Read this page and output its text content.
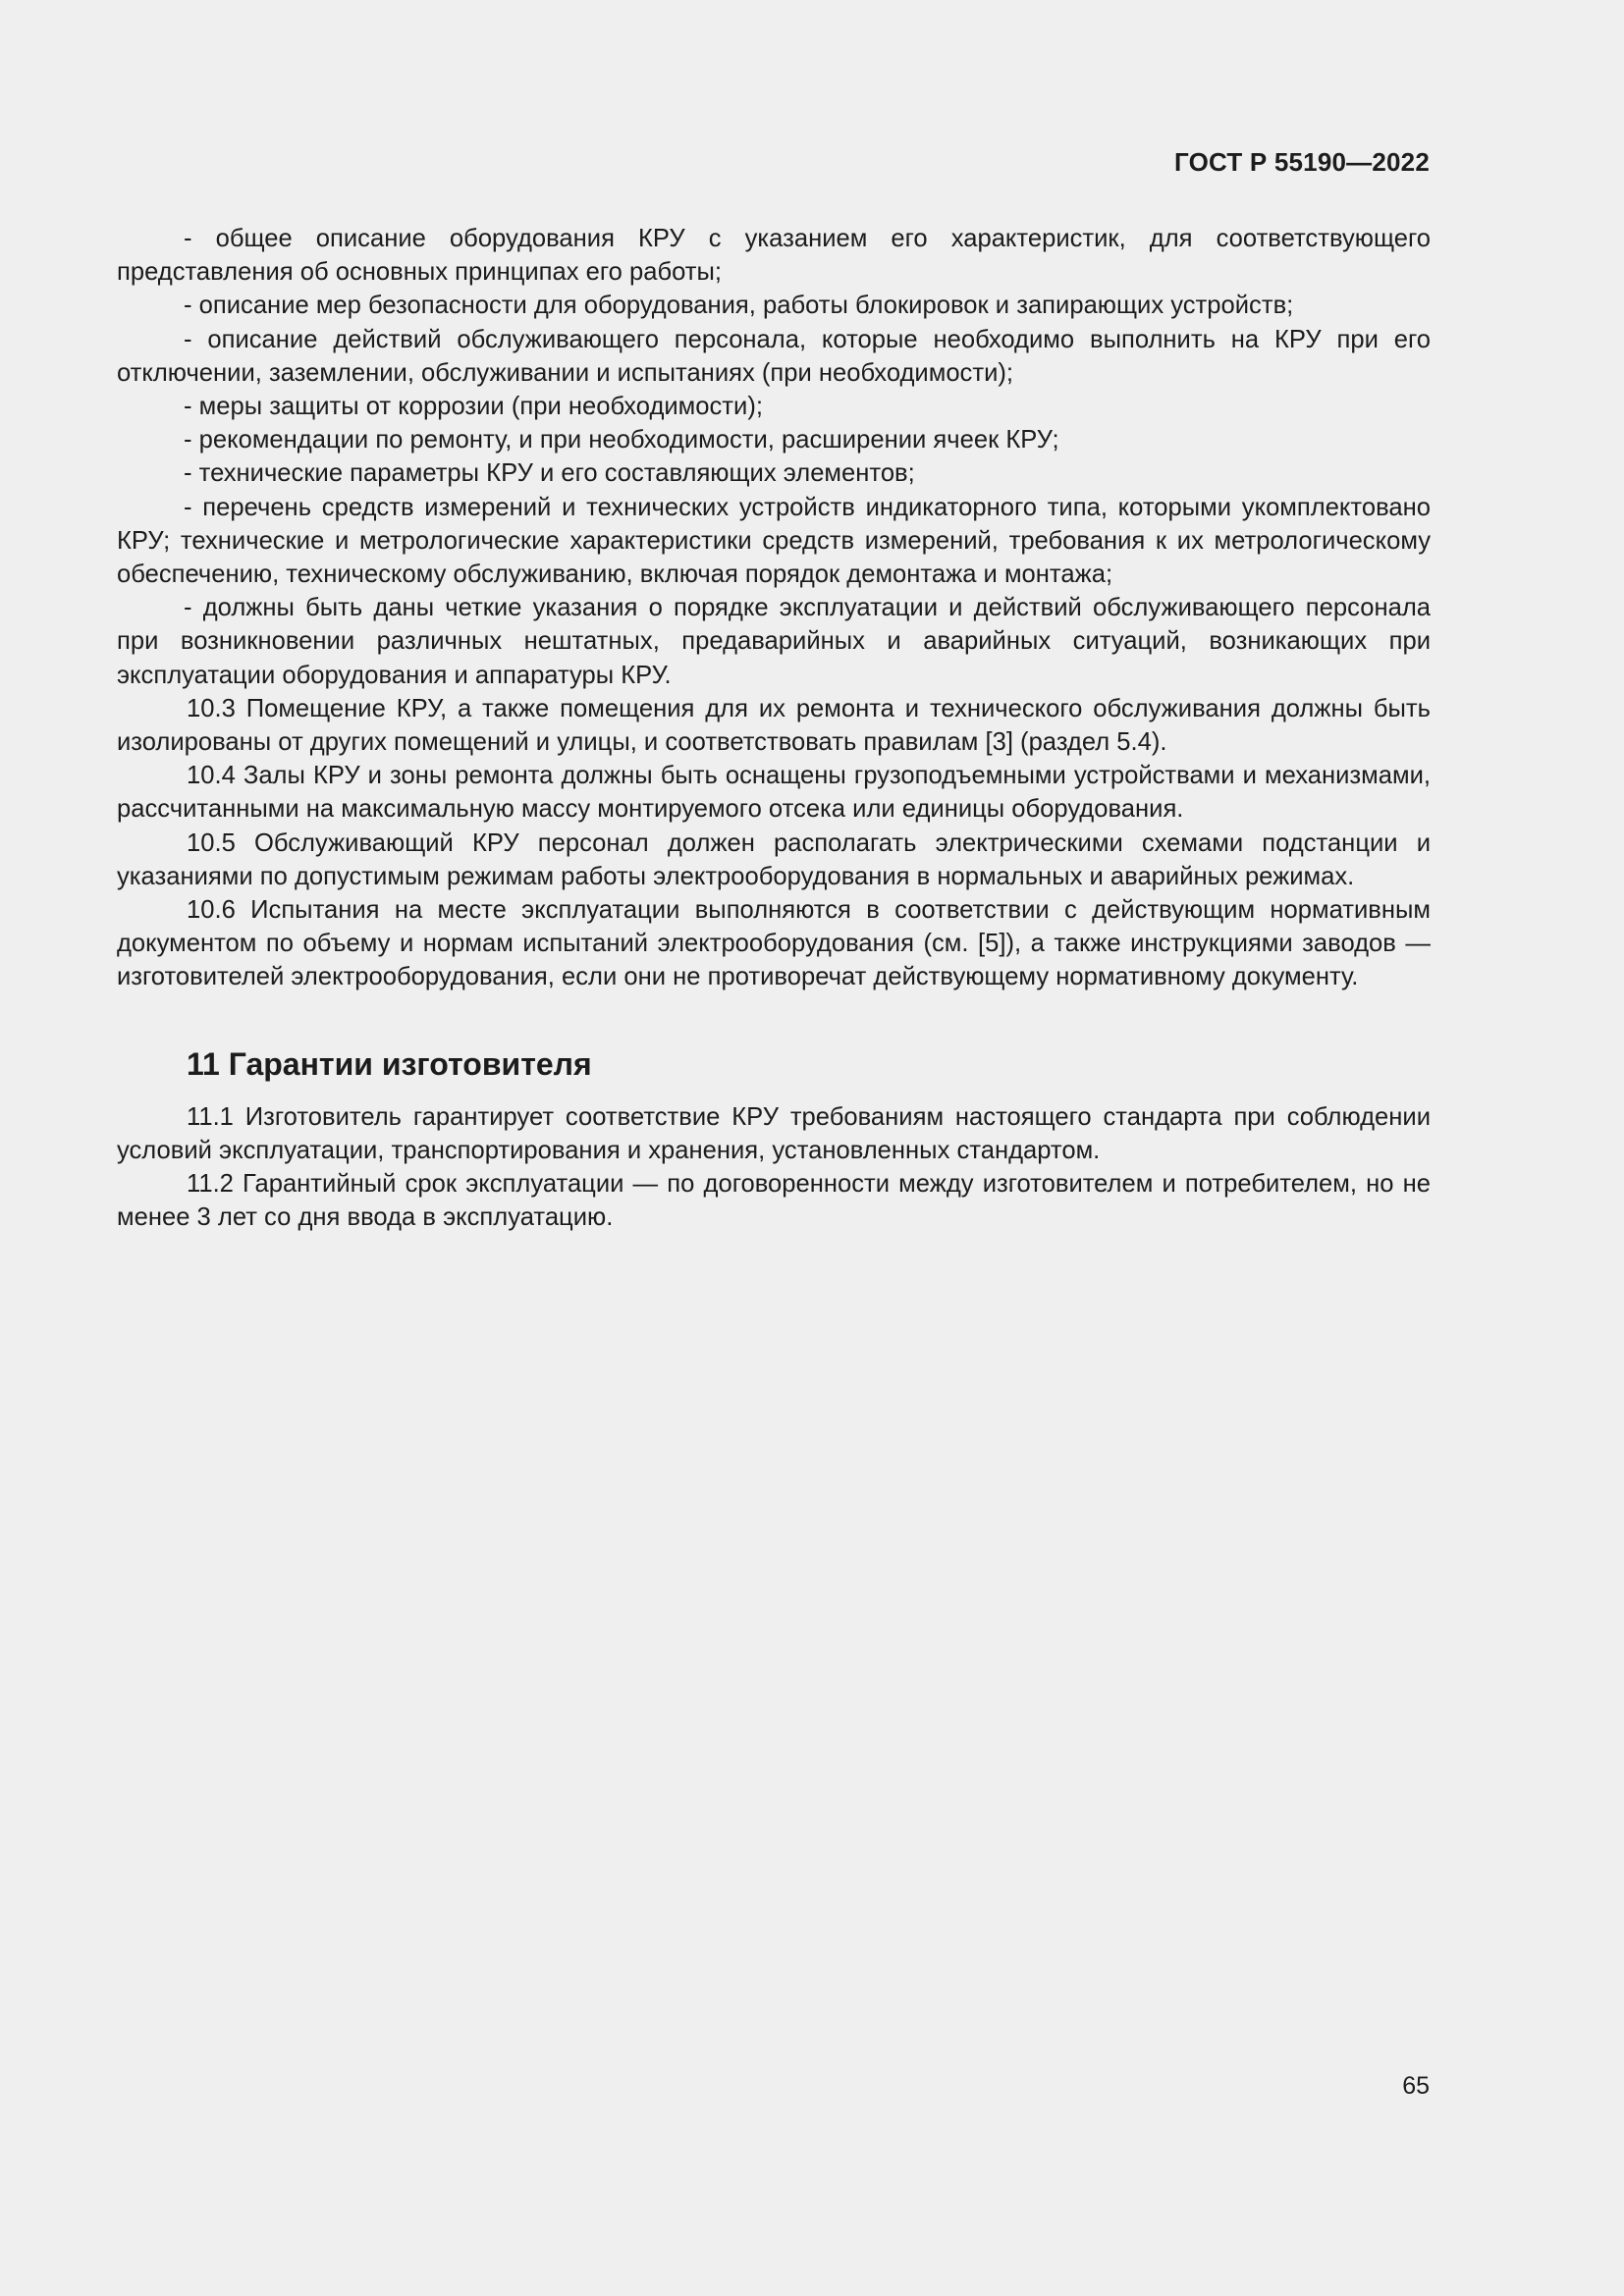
ГОСТ Р 55190—2022

- общее описание оборудования КРУ с указанием его характеристик, для соответствующего представления об основных принципах его работы;

- описание мер безопасности для оборудования, работы блокировок и запирающих устройств;

- описание действий обслуживающего персонала, которые необходимо выполнить на КРУ при его отключении, заземлении, обслуживании и испытаниях (при необходимости);

- меры защиты от коррозии (при необходимости);

- рекомендации по ремонту, и при необходимости, расширении ячеек КРУ;

- технические параметры КРУ и его составляющих элементов;

- перечень средств измерений и технических устройств индикаторного типа, которыми укомплектовано КРУ; технические и метрологические характеристики средств измерений, требования к их метрологическому обеспечению, техническому обслуживанию, включая порядок демонтажа и монтажа;

- должны быть даны четкие указания о порядке эксплуатации и действий обслуживающего персонала при возникновении различных нештатных, предаварийных и аварийных ситуаций, возникающих при эксплуатации оборудования и аппаратуры КРУ.

10.3 Помещение КРУ, а также помещения для их ремонта и технического обслуживания должны быть изолированы от других помещений и улицы, и соответствовать правилам [3] (раздел 5.4).

10.4 Залы КРУ и зоны ремонта должны быть оснащены грузоподъемными устройствами и механизмами, рассчитанными на максимальную массу монтируемого отсека или единицы оборудования.

10.5 Обслуживающий КРУ персонал должен располагать электрическими схемами подстанции и указаниями по допустимым режимам работы электрооборудования в нормальных и аварийных режимах.

10.6 Испытания на месте эксплуатации выполняются в соответствии с действующим нормативным документом по объему и нормам испытаний электрооборудования (см. [5]), а также инструкциями заводов — изготовителей электрооборудования, если они не противоречат действующему нормативному документу.

11 Гарантии изготовителя

11.1 Изготовитель гарантирует соответствие КРУ требованиям настоящего стандарта при соблюдении условий эксплуатации, транспортирования и хранения, установленных стандартом.

11.2 Гарантийный срок эксплуатации — по договоренности между изготовителем и потребителем, но не менее 3 лет со дня ввода в эксплуатацию.

65
